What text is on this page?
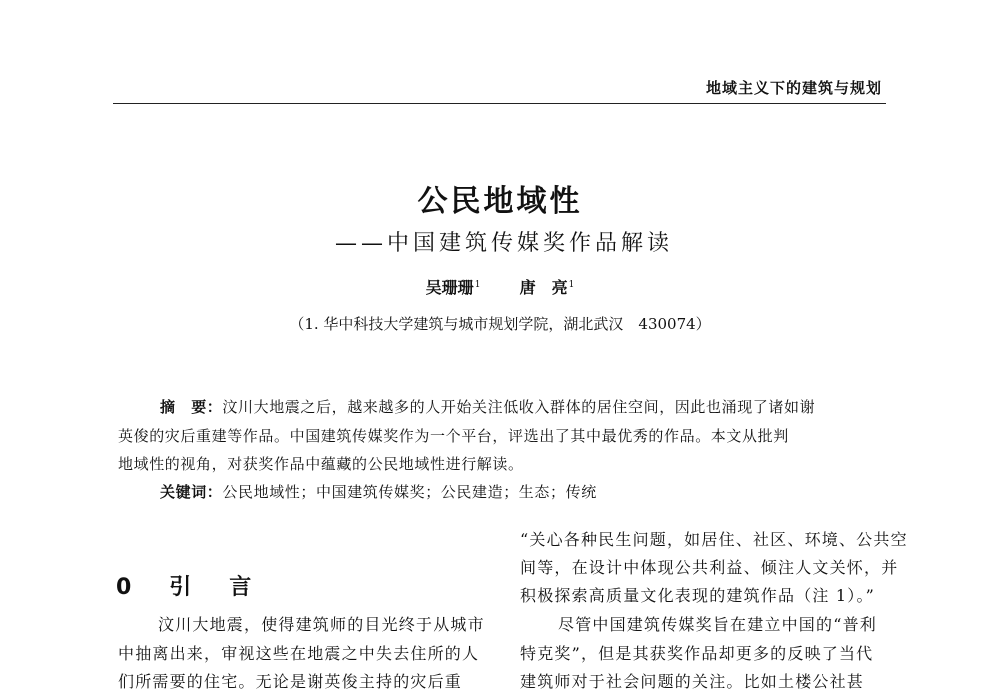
地域主义下的建筑与规划
公民地域性
——中国建筑传媒奖作品解读
吴珊珊$^1$ 唐　亮$^1$
（1. 华中科技大学建筑与城市规划学院，湖北武汉　430074）
摘　要：汶川大地震之后，越来越多的人开始关注低收入群体的居住空间，因此也涌现了诸如谢
英俊的灾后重建等作品。中国建筑传媒奖作为一个平台，评选出了其中最优秀的作品。本文从批判
地域性的视角，对获奖作品中蕴藏的公民地域性进行解读。
关键词：公民地域性；中国建筑传媒奖；公民建造；生态；传统
0　引　言
汶川大地震，使得建筑师的目光终于从城市
中抽离出来，审视这些在地震之中失去住所的人
们所需要的住宅。无论是谢英俊主持的灾后重
“关心各种民生问题，如居住、社区、环境、公共空
间等，在设计中体现公共利益、倾注人文关怀，并
积极探索高质量文化表现的建筑作品（注 1）。”
尽管中国建筑传媒奖旨在建立中国的“普利
特克奖”，但是其获奖作品却更多的反映了当代
建筑师对于社会问题的关注。比如土楼公社甚
